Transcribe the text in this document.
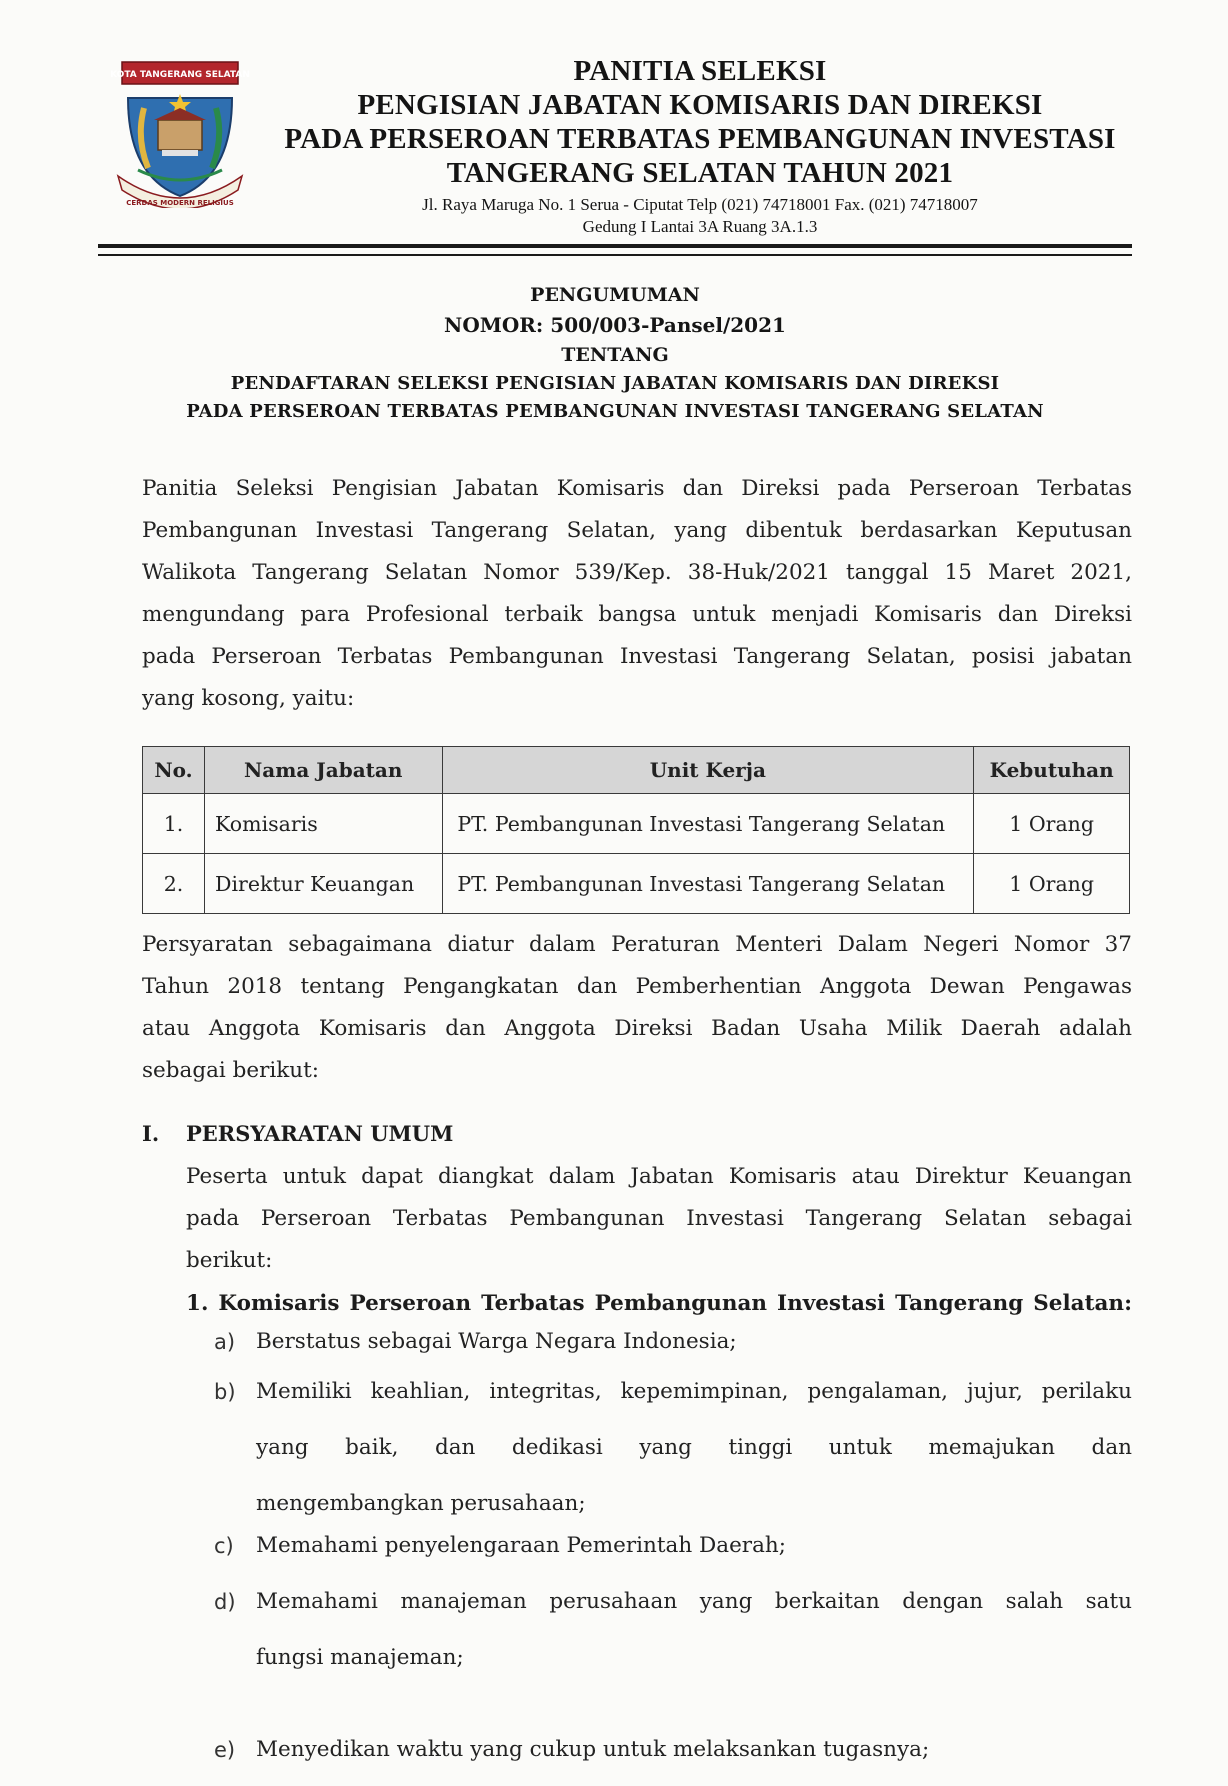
KOTA TANGERANG SELATAN
CERDAS MODERN RELIGIUS
PANITIA SELEKSI
PENGISIAN JABATAN KOMISARIS DAN DIREKSI
PADA PERSEROAN TERBATAS PEMBANGUNAN INVESTASI
TANGERANG SELATAN TAHUN 2021
Jl. Raya Maruga No. 1 Serua - Ciputat Telp (021) 74718001 Fax. (021) 74718007
Gedung I Lantai 3A Ruang 3A.1.3
PENGUMUMAN
NOMOR: 500/003-Pansel/2021
TENTANG
PENDAFTARAN SELEKSI PENGISIAN JABATAN KOMISARIS DAN DIREKSI
PADA PERSEROAN TERBATAS PEMBANGUNAN INVESTASI TANGERANG SELATAN
Panitia Seleksi Pengisian Jabatan Komisaris dan Direksi pada Perseroan Terbatas
Pembangunan Investasi Tangerang Selatan, yang dibentuk berdasarkan Keputusan
Walikota Tangerang Selatan Nomor 539/Kep. 38-Huk/2021 tanggal 15 Maret 2021,
mengundang para Profesional terbaik bangsa untuk menjadi Komisaris dan Direksi
pada Perseroan Terbatas Pembangunan Investasi Tangerang Selatan, posisi jabatan
yang kosong, yaitu:
No.	Nama Jabatan	Unit Kerja	Kebutuhan
1.	Komisaris	PT. Pembangunan Investasi Tangerang Selatan	1 Orang
2.	Direktur Keuangan	PT. Pembangunan Investasi Tangerang Selatan	1 Orang
Persyaratan sebagaimana diatur dalam Peraturan Menteri Dalam Negeri Nomor 37
Tahun 2018 tentang Pengangkatan dan Pemberhentian Anggota Dewan Pengawas
atau Anggota Komisaris dan Anggota Direksi Badan Usaha Milik Daerah adalah
sebagai berikut:
I. PERSYARATAN UMUM
Peserta untuk dapat diangkat dalam Jabatan Komisaris atau Direktur Keuangan
pada Perseroan Terbatas Pembangunan Investasi Tangerang Selatan sebagai
berikut:
1. Komisaris Perseroan Terbatas Pembangunan Investasi Tangerang Selatan:
a) Berstatus sebagai Warga Negara Indonesia;
b) Memiliki keahlian, integritas, kepemimpinan, pengalaman, jujur, perilaku
yang baik, dan dedikasi yang tinggi untuk memajukan dan
mengembangkan perusahaan;
c) Memahami penyelengaraan Pemerintah Daerah;
d) Memahami manajeman perusahaan yang berkaitan dengan salah satu
fungsi manajeman;
e) Menyedikan waktu yang cukup untuk melaksankan tugasnya;
